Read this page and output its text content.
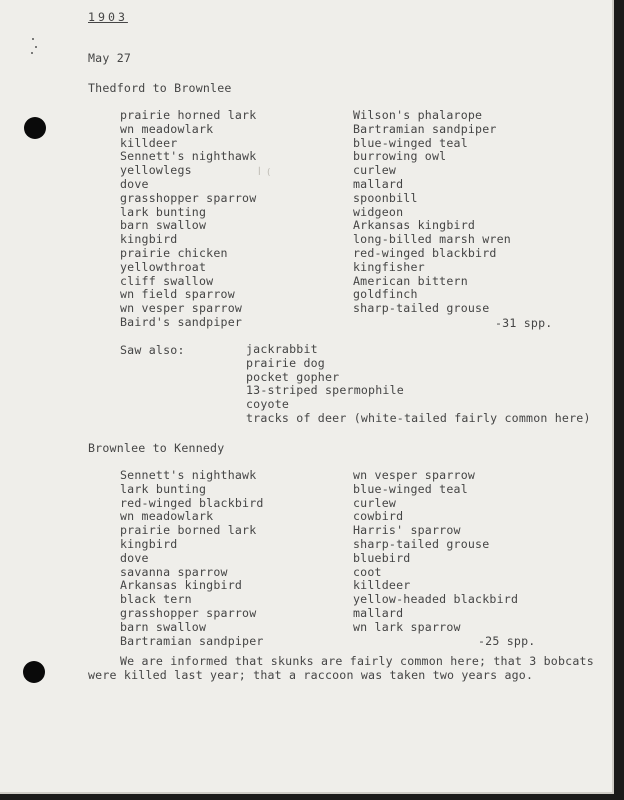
ꟾ  (
1903
May 27
Thedford to Brownlee
prairie horned lark
wn meadowlark
killdeer
Sennett's nighthawk
yellowlegs
dove
grasshopper sparrow
lark bunting
barn swallow
kingbird
prairie chicken
yellowthroat
cliff swallow
wn field sparrow
wn vesper sparrow
Baird's sandpiper
Wilson's phalarope
Bartramian sandpiper
blue-winged teal
burrowing owl
curlew
mallard
spoonbill
widgeon
Arkansas kingbird
long-billed marsh wren
red-winged blackbird
kingfisher
American bittern
goldfinch
sharp-tailed grouse
-31 spp.
Saw also:	jackrabbit
prairie dog
pocket gopher
13-striped spermophile
coyote
tracks of deer (white-tailed fairly common here)
Brownlee to Kennedy
Sennett's nighthawk
lark bunting
red-winged blackbird
wn meadowlark
prairie borned lark
kingbird
dove
savanna sparrow
Arkansas kingbird
black tern
grasshopper sparrow
barn swallow
Bartramian sandpiper
wn vesper sparrow
blue-winged teal
curlew
cowbird
Harris' sparrow
sharp-tailed grouse
bluebird
coot
killdeer
yellow-headed blackbird
mallard
wn lark sparrow
-25 spp.
We are informed that skunks are fairly common here; that 3 bobcats
were killed last year; that a raccoon was taken two years ago.
